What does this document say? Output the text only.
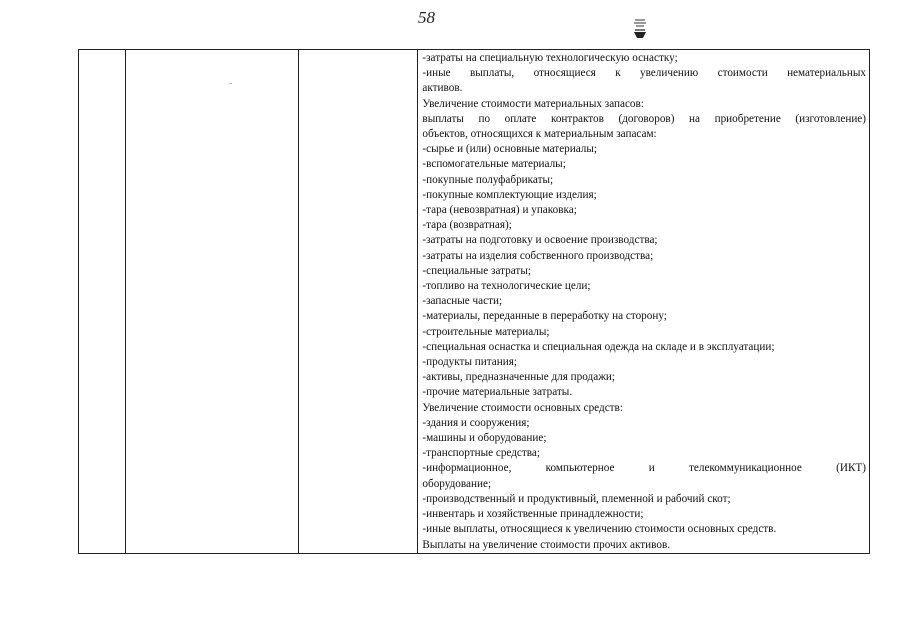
58

-затраты на специальную технологическую оснастку;
-иные выплаты, относящиеся к увеличению стоимости нематериальных
активов.
Увеличение стоимости материальных запасов:
выплаты по оплате контрактов (договоров) на приобретение (изготовление)
объектов, относящихся к материальным запасам:
-сырье и (или) основные материалы;
-вспомогательные материалы;
-покупные полуфабрикаты;
-покупные комплектующие изделия;
-тара (невозвратная) и упаковка;
-тара (возвратная);
-затраты на подготовку и освоение производства;
-затраты на изделия собственного производства;
-специальные затраты;
-топливо на технологические цели;
-запасные части;
-материалы, переданные в переработку на сторону;
-строительные материалы;
-специальная оснастка и специальная одежда на складе и в эксплуатации;
-продукты питания;
-активы, предназначенные для продажи;
-прочие материальные затраты.
Увеличение стоимости основных средств:
-здания и сооружения;
-машины и оборудование;
-транспортные средства;
-информационное, компьютерное и телекоммуникационное (ИКТ)
оборудование;
-производственный и продуктивный, племенной и рабочий скот;
-инвентарь и хозяйственные принадлежности;
-иные выплаты, относящиеся к увеличению стоимости основных средств.
Выплаты на увеличение стоимости прочих активов.
